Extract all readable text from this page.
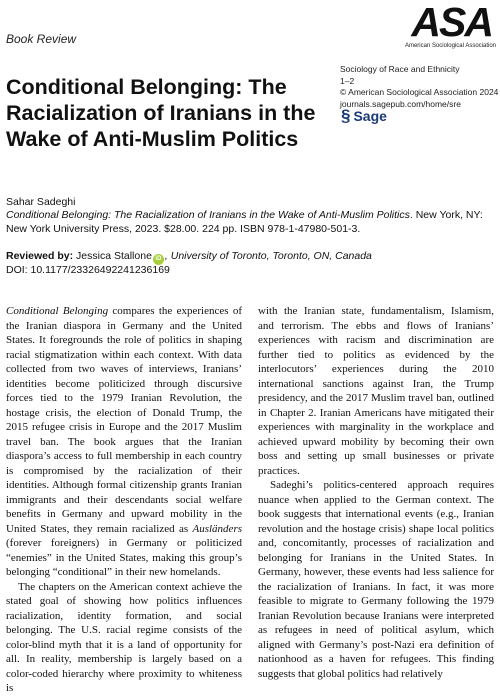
Book Review	ASA
American Sociological Association
Sociology of Race and Ethnicity
1–2
© American Sociological Association 2024
journals.sagepub.com/home/sre
§ Sage
Conditional Belonging: The Racialization of Iranians in the Wake of Anti-Muslim Politics
Sahar Sadeghi
Conditional Belonging: The Racialization of Iranians in the Wake of Anti-Muslim Politics. New York, NY: New York University Press, 2023. $28.00. 224 pp. ISBN 978-1-47980-501-3.
Reviewed by: Jessica Stallone iD , University of Toronto, Toronto, ON, Canada
DOI: 10.1177/23326492241236169

Conditional Belonging compares the experiences of the Iranian diaspora in Germany and the United States. It foregrounds the role of politics in shaping racial stigmatization within each context. With data collected from two waves of interviews, Iranians’ identities become politicized through discursive forces tied to the 1979 Iranian Revolution, the hostage crisis, the election of Donald Trump, the 2015 refugee crisis in Europe and the 2017 Muslim travel ban. The book argues that the Iranian diaspora’s access to full membership in each country is compromised by the racialization of their identities. Although formal citizenship grants Iranian immigrants and their descendants social welfare benefits in Germany and upward mobility in the United States, they remain racialized as Ausländers (forever foreigners) in Germany or politicized “enemies” in the United States, making this group’s belonging “conditional” in their new homelands.

The chapters on the American context achieve the stated goal of showing how politics influences racialization, identity formation, and social belonging. The U.S. racial regime consists of the color-blind myth that it is a land of opportunity for all. In reality, membership is largely based on a color-coded hierarchy where proximity to whiteness is

with the Iranian state, fundamentalism, Islamism, and terrorism. The ebbs and flows of Iranians’ experiences with racism and discrimination are further tied to politics as evidenced by the interlocutors’ experiences during the 2010 international sanctions against Iran, the Trump presidency, and the 2017 Muslim travel ban, outlined in Chapter 2. Iranian Americans have mitigated their experiences with marginality in the workplace and achieved upward mobility by becoming their own boss and setting up small businesses or private practices.

Sadeghi’s politics-centered approach requires nuance when applied to the German context. The book suggests that international events (e.g., Iranian revolution and the hostage crisis) shape local politics and, concomitantly, processes of racialization and belonging for Iranians in the United States. In Germany, however, these events had less salience for the racialization of Iranians. In fact, it was more feasible to migrate to Germany following the 1979 Iranian Revolution because Iranians were interpreted as refugees in need of political asylum, which aligned with Germany’s post-Nazi era definition of nationhood as a haven for refugees. This finding suggests that global politics had relatively
